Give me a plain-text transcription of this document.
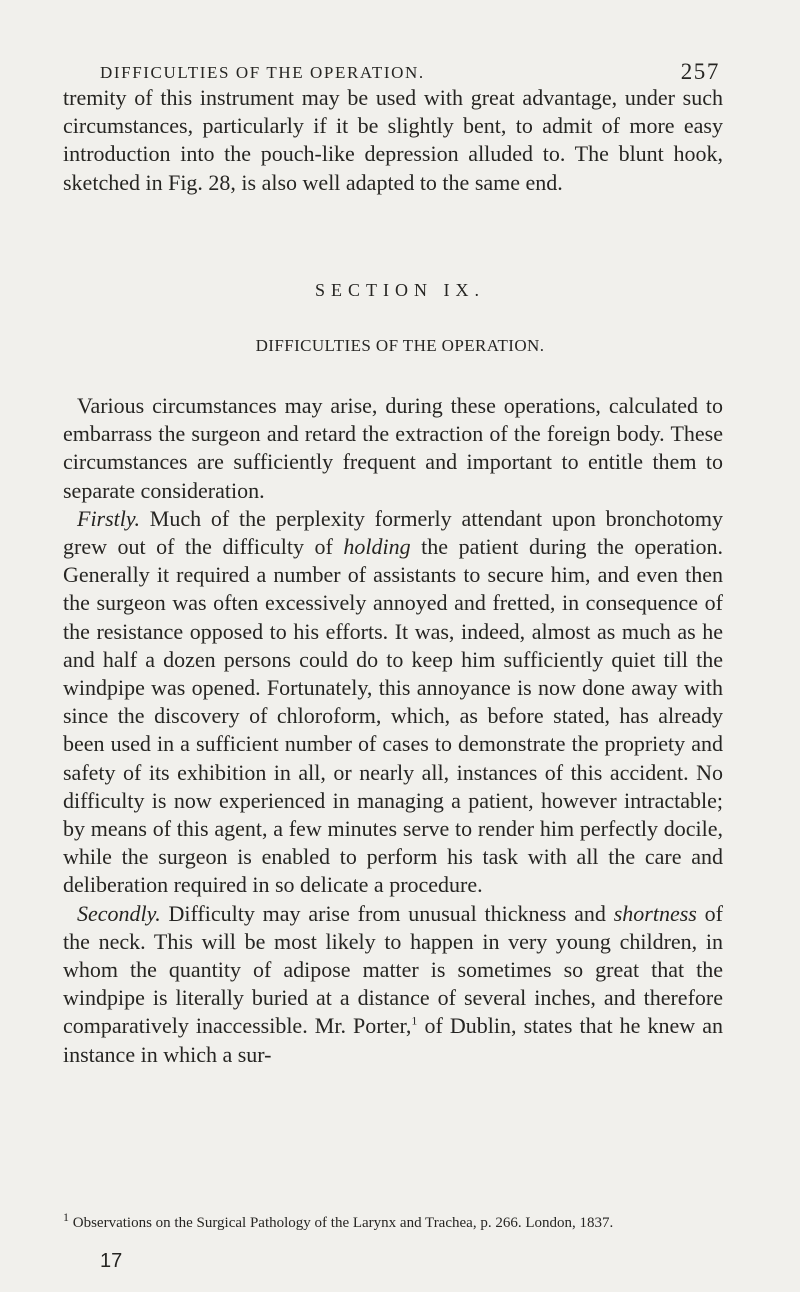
DIFFICULTIES OF THE OPERATION.	257

tremity of this instrument may be used with great advantage, under such circumstances, particularly if it be slightly bent, to admit of more easy introduction into the pouch-like depression alluded to. The blunt hook, sketched in Fig. 28, is also well adapted to the same end.

SECTION IX.
DIFFICULTIES OF THE OPERATION.

Various circumstances may arise, during these operations, calculated to embarrass the surgeon and retard the extraction of the foreign body. These circumstances are sufficiently frequent and important to entitle them to separate consideration.

Firstly. Much of the perplexity formerly attendant upon bronchotomy grew out of the difficulty of holding the patient during the operation. Generally it required a number of assistants to secure him, and even then the surgeon was often excessively annoyed and fretted, in consequence of the resistance opposed to his efforts. It was, indeed, almost as much as he and half a dozen persons could do to keep him sufficiently quiet till the windpipe was opened. Fortunately, this annoyance is now done away with since the discovery of chloroform, which, as before stated, has already been used in a sufficient number of cases to demonstrate the propriety and safety of its exhibition in all, or nearly all, instances of this accident. No difficulty is now experienced in managing a patient, however intractable; by means of this agent, a few minutes serve to render him perfectly docile, while the surgeon is enabled to perform his task with all the care and deliberation required in so delicate a procedure.

Secondly. Difficulty may arise from unusual thickness and shortness of the neck. This will be most likely to happen in very young children, in whom the quantity of adipose matter is sometimes so great that the windpipe is literally buried at a distance of several inches, and therefore comparatively inaccessible. Mr. Porter,$^1$ of Dublin, states that he knew an instance in which a sur-

$^1$ Observations on the Surgical Pathology of the Larynx and Trachea, p. 266. London, 1837.
17
